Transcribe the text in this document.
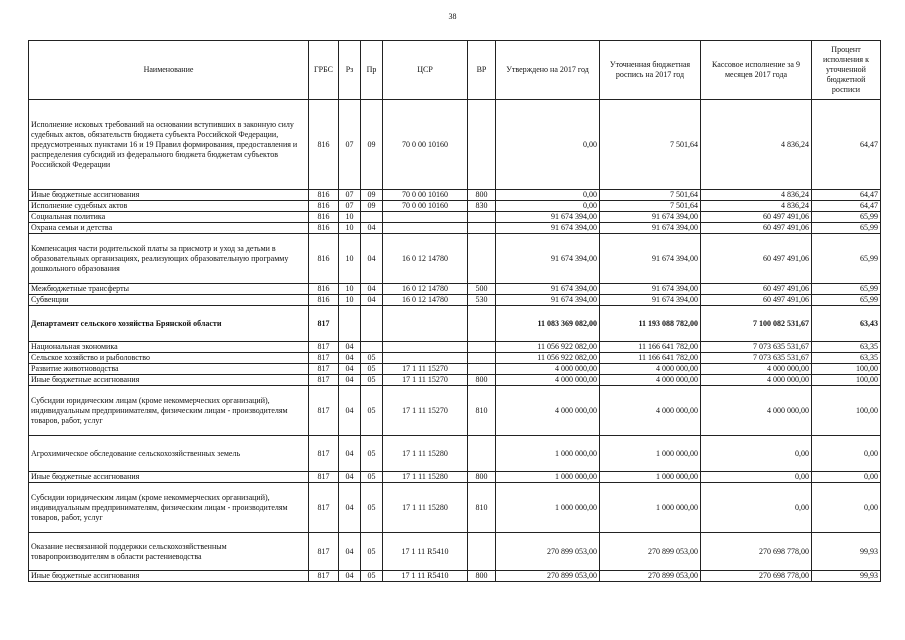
38
Наименование	ГРБС	Рз	Пр	ЦСР	ВР	Утверждено на 2017 год	Уточненная бюджетная роспись на 2017 год	Кассовое исполнение за 9 месяцев 2017 года	Процент исполнения к уточненной бюджетной росписи
Исполнение исковых требований на основании вступивших в законную силу судебных актов, обязательств бюджета субъекта Российской Федерации, предусмотренных пунктами 16 и 19 Правил формирования, предоставления и распределения субсидий из федерального бюджета бюджетам субъектов Российской Федерации	816	07	09	70 0 00 10160		0,00	7 501,64	4 836,24	64,47
Иные бюджетные ассигнования	816	07	09	70 0 00 10160	800	0,00	7 501,64	4 836,24	64,47
Исполнение судебных актов	816	07	09	70 0 00 10160	830	0,00	7 501,64	4 836,24	64,47
Социальная политика	816	10				91 674 394,00	91 674 394,00	60 497 491,06	65,99
Охрана семьи и детства	816	10	04			91 674 394,00	91 674 394,00	60 497 491,06	65,99
Компенсация части родительской платы за присмотр и уход за детьми в образовательных организациях, реализующих образовательную программу дошкольного образования	816	10	04	16 0 12 14780		91 674 394,00	91 674 394,00	60 497 491,06	65,99
Межбюджетные трансферты	816	10	04	16 0 12 14780	500	91 674 394,00	91 674 394,00	60 497 491,06	65,99
Субвенции	816	10	04	16 0 12 14780	530	91 674 394,00	91 674 394,00	60 497 491,06	65,99
Департамент сельского хозяйства Брянской области	817					11 083 369 082,00	11 193 088 782,00	7 100 082 531,67	63,43
Национальная экономика	817	04				11 056 922 082,00	11 166 641 782,00	7 073 635 531,67	63,35
Сельское хозяйство и рыболовство	817	04	05			11 056 922 082,00	11 166 641 782,00	7 073 635 531,67	63,35
Развитие животноводства	817	04	05	17 1 11 15270		4 000 000,00	4 000 000,00	4 000 000,00	100,00
Иные бюджетные ассигнования	817	04	05	17 1 11 15270	800	4 000 000,00	4 000 000,00	4 000 000,00	100,00
Субсидии юридическим лицам (кроме некоммерческих организаций), индивидуальным предпринимателям, физическим лицам - производителям товаров, работ, услуг	817	04	05	17 1 11 15270	810	4 000 000,00	4 000 000,00	4 000 000,00	100,00
Агрохимическое обследование сельскохозяйственных земель	817	04	05	17 1 11 15280		1 000 000,00	1 000 000,00	0,00	0,00
Иные бюджетные ассигнования	817	04	05	17 1 11 15280	800	1 000 000,00	1 000 000,00	0,00	0,00
Субсидии юридическим лицам (кроме некоммерческих организаций), индивидуальным предпринимателям, физическим лицам - производителям товаров, работ, услуг	817	04	05	17 1 11 15280	810	1 000 000,00	1 000 000,00	0,00	0,00
Оказание несвязанной поддержки сельскохозяйственным товаропроизводителям в области растениеводства	817	04	05	17 1 11 R5410		270 899 053,00	270 899 053,00	270 698 778,00	99,93
Иные бюджетные ассигнования	817	04	05	17 1 11 R5410	800	270 899 053,00	270 899 053,00	270 698 778,00	99,93
